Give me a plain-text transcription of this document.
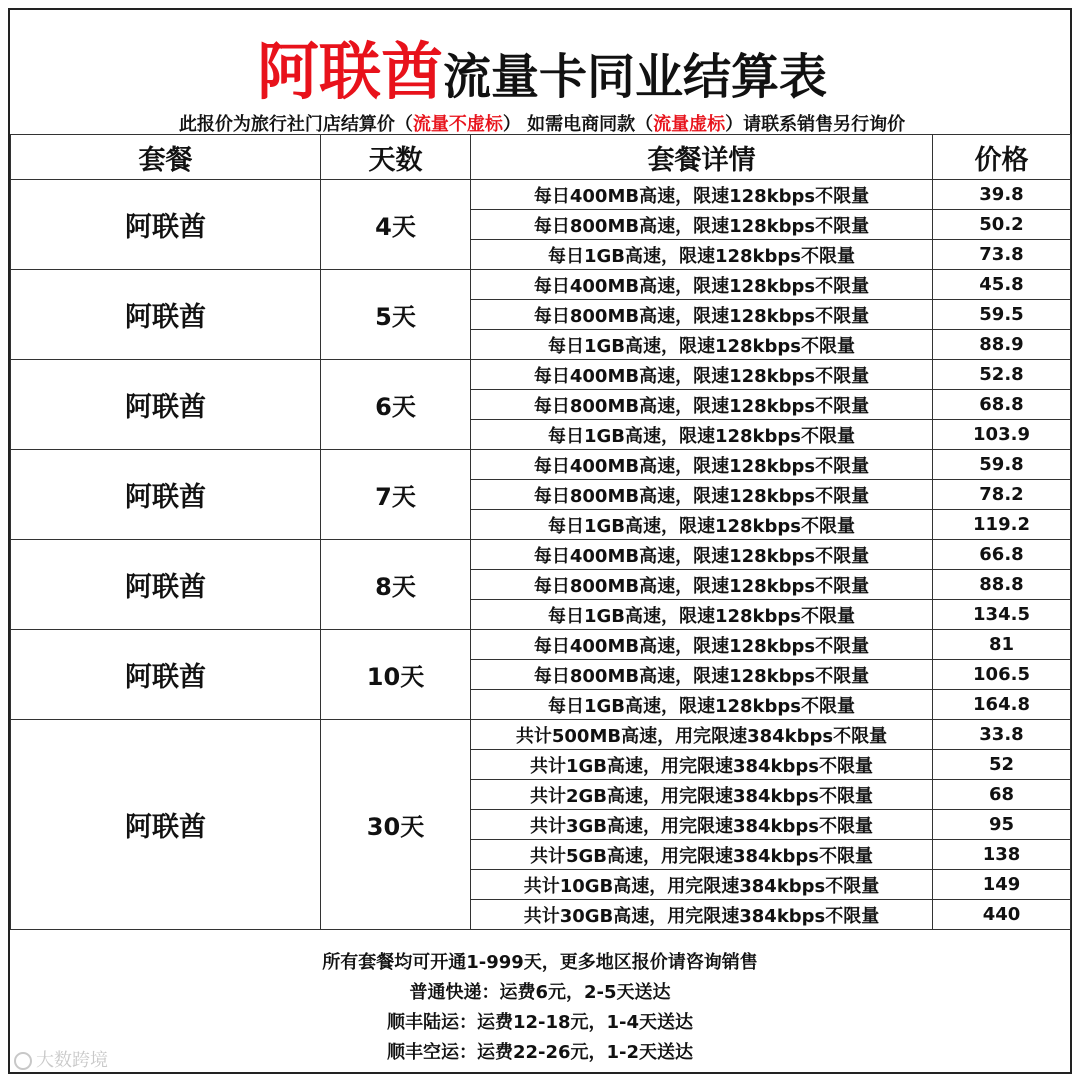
阿联酋流量卡同业结算表
此报价为旅行社门店结算价（流量不虚标） 如需电商同款（流量虚标）请联系销售另行询价
套餐	天数	套餐详情	价格
阿联酋	4天	每日400MB高速，限速128kbps不限量	39.8
		每日800MB高速，限速128kbps不限量	50.2
		每日1GB高速，限速128kbps不限量	73.8
阿联酋	5天	每日400MB高速，限速128kbps不限量	45.8
		每日800MB高速，限速128kbps不限量	59.5
		每日1GB高速，限速128kbps不限量	88.9
阿联酋	6天	每日400MB高速，限速128kbps不限量	52.8
		每日800MB高速，限速128kbps不限量	68.8
		每日1GB高速，限速128kbps不限量	103.9
阿联酋	7天	每日400MB高速，限速128kbps不限量	59.8
		每日800MB高速，限速128kbps不限量	78.2
		每日1GB高速，限速128kbps不限量	119.2
阿联酋	8天	每日400MB高速，限速128kbps不限量	66.8
		每日800MB高速，限速128kbps不限量	88.8
		每日1GB高速，限速128kbps不限量	134.5
阿联酋	10天	每日400MB高速，限速128kbps不限量	81
		每日800MB高速，限速128kbps不限量	106.5
		每日1GB高速，限速128kbps不限量	164.8
阿联酋	30天	共计500MB高速，用完限速384kbps不限量	33.8
		共计1GB高速，用完限速384kbps不限量	52
		共计2GB高速，用完限速384kbps不限量	68
		共计3GB高速，用完限速384kbps不限量	95
		共计5GB高速，用完限速384kbps不限量	138
		共计10GB高速，用完限速384kbps不限量	149
		共计30GB高速，用完限速384kbps不限量	440
所有套餐均可开通1-999天，更多地区报价请咨询销售
普通快递：运费6元，2-5天送达
顺丰陆运：运费12-18元，1-4天送达
顺丰空运：运费22-26元，1-2天送达
大数跨境
